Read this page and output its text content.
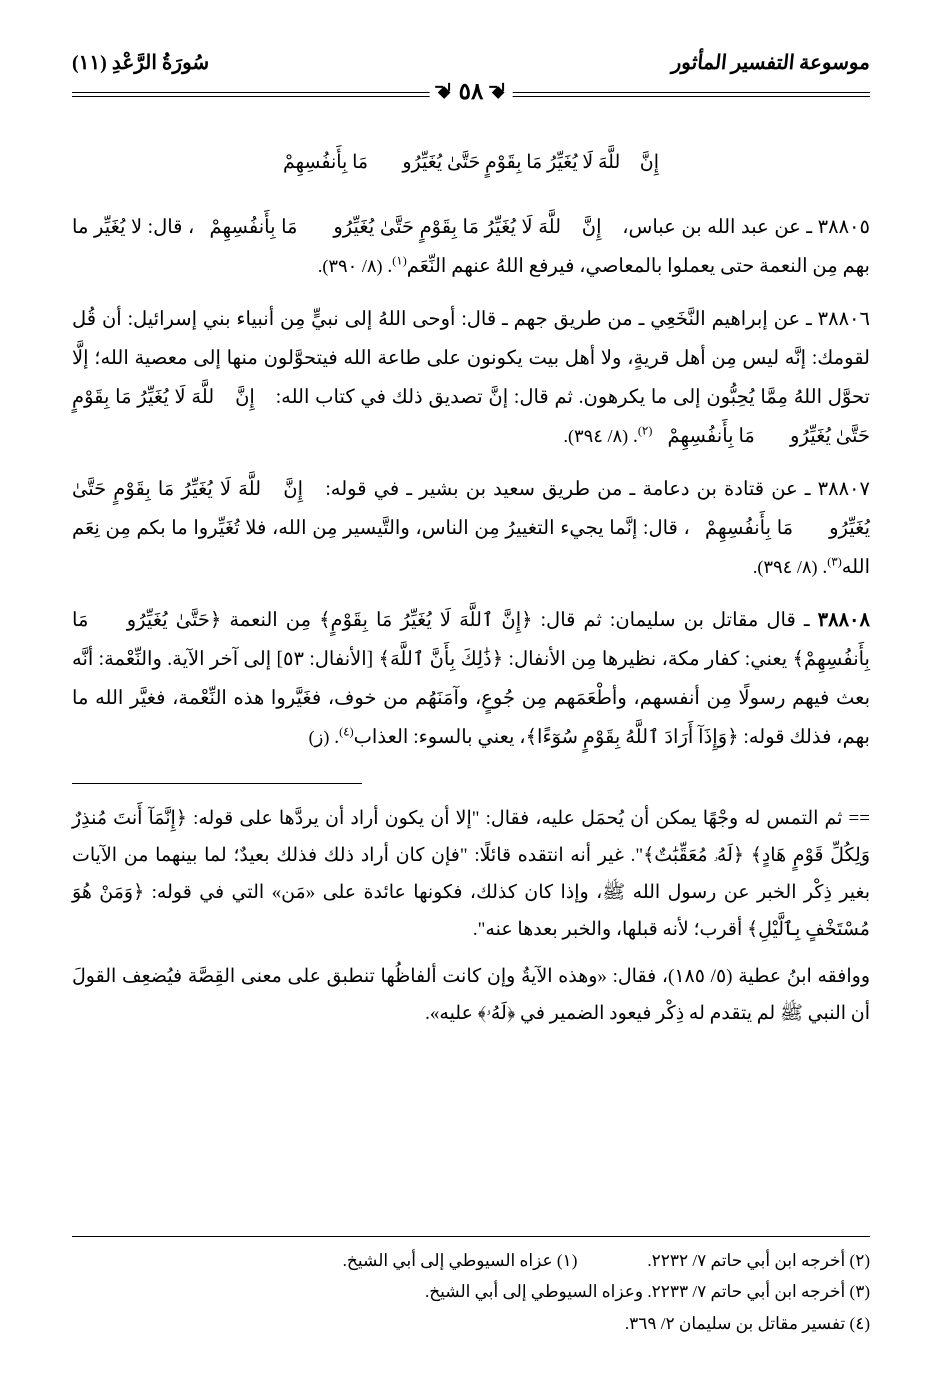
موسوعة التفسير المأثور
سُورَةُ الرَّعْدِ (١١)
٥٨
﴿إِنَّ ٱللَّهَ لَا يُغَيِّرُ مَا بِقَوْمٍ حَتَّىٰ يُغَيِّرُوا۟ مَا بِأَنفُسِهِمْ﴾

٣٨٨٠٥ ـ عن عبد الله بن عباس، ﴿إِنَّ ٱللَّهَ لَا يُغَيِّرُ مَا بِقَوْمٍ حَتَّىٰ يُغَيِّرُوا۟ مَا بِأَنفُسِهِمْ﴾، قال: لا يُغَيِّر ما بهم مِن النعمة حتى يعملوا بالمعاصي، فيرفع اللهُ عنهم النِّعَم$^{(١)}$. (٨/ ٣٩٠).

٣٨٨٠٦ ـ عن إبراهيم النَّخَعِي ـ من طريق جهم ـ قال: أوحى اللهُ إلى نبيٍّ مِن أنبياء بني إسرائيل: أن قُل لقومك: إنَّه ليس مِن أهل قريةٍ، ولا أهل بيت يكونون على طاعة الله فيتحوَّلون منها إلى معصية الله؛ إلَّا تحوَّل اللهُ مِمَّا يُحِبُّون إلى ما يكرهون. ثم قال: إنَّ تصديق ذلك في كتاب الله: ﴿إِنَّ ٱللَّهَ لَا يُغَيِّرُ مَا بِقَوْمٍ حَتَّىٰ يُغَيِّرُوا۟ مَا بِأَنفُسِهِمْ﴾$^{(٢)}$. (٨/ ٣٩٤).

٣٨٨٠٧ ـ عن قتادة بن دعامة ـ من طريق سعيد بن بشير ـ في قوله: ﴿إِنَّ ٱللَّهَ لَا يُغَيِّرُ مَا بِقَوْمٍ حَتَّىٰ يُغَيِّرُوا۟ مَا بِأَنفُسِهِمْ﴾، قال: إنَّما يجيء التغييرُ مِن الناس، والتَّيسير مِن الله، فلا تُغَيِّروا ما بكم مِن نِعَم الله$^{(٣)}$. (٨/ ٣٩٤).

٣٨٨٠٨ ـ قال مقاتل بن سليمان: ثم قال: ﴿إِنَّ ٱللَّهَ لَا يُغَيِّرُ مَا بِقَوْمٍ﴾ مِن النعمة ﴿حَتَّىٰ يُغَيِّرُوا۟ مَا بِأَنفُسِهِمْ﴾ يعني: كفار مكة، نظيرها مِن الأنفال: ﴿ذَٰلِكَ بِأَنَّ ٱللَّهَ﴾ [الأنفال: ٥٣] إلى آخر الآية. والنِّعْمة: أنَّه بعث فيهم رسولًا مِن أنفسهم، وأطْعَمَهم مِن جُوعٍ، وآمَنَهُم من خوف، فغَيَّروا هذه النِّعْمة، فغيَّر الله ما بهم، فذلك قوله: ﴿وَإِذَآ أَرَادَ ٱللَّهُ بِقَوْمٍ سُوٓءًا﴾، يعني بالسوء: العذاب$^{(٤)}$. (ز)

== ثم التمس له وجْهًا يمكن أن يُحمَل عليه، فقال: "إلا أن يكون أراد أن يردَّها على قوله: ﴿إِنَّمَآ أَنتَ مُنذِرٌ وَلِكُلِّ قَوْمٍ هَادٍ﴾ ﴿لَهُۥ مُعَقِّبَٰتٌ﴾". غير أنه انتقده قائلًا: "فإن كان أراد ذلك فذلك بعيدٌ؛ لما بينهما من الآيات بغير ذِكْر الخبر عن رسول الله ﷺ، وإذا كان كذلك، فكونها عائدة على «مَن» التي في قوله: ﴿وَمَنْ هُوَ مُسْتَخْفٍ بِٱلَّيْلِ﴾ أقرب؛ لأنه قبلها، والخبر بعدها عنه".

ووافقه ابنُ عطية (٥/ ١٨٥)، فقال: «وهذه الآيةُ وإن كانت ألفاظُها تنطبق على معنى القِصَّة فيُضعِف القولَ أن النبي ﷺ لم يتقدم له ذِكْر فيعود الضمير في ﴿لَهُۥ﴾ عليه».

(١) عزاه السيوطي إلى أبي الشيخ.	(٢) أخرجه ابن أبي حاتم ٧/ ٢٢٣٢.
(٣) أخرجه ابن أبي حاتم ٧/ ٢٢٣٣. وعزاه السيوطي إلى أبي الشيخ.
(٤) تفسير مقاتل بن سليمان ٢/ ٣٦٩.
